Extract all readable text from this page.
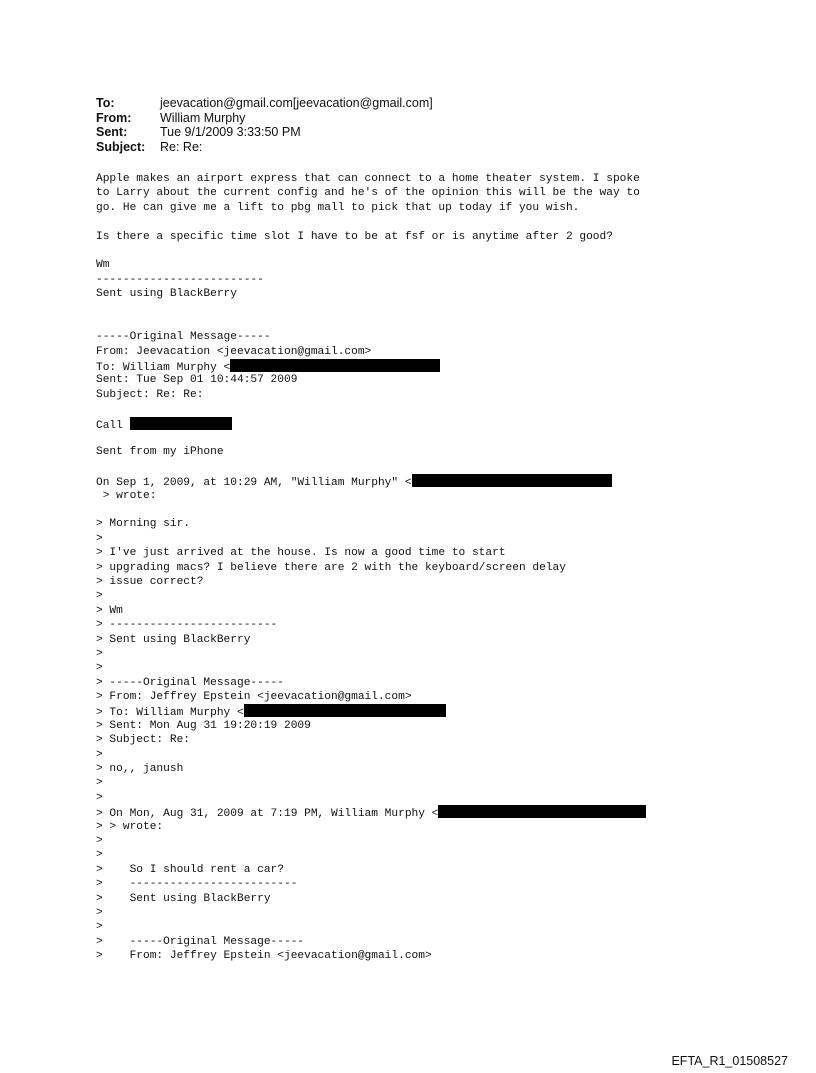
To:	jeevacation@gmail.com[jeevacation@gmail.com]
From:	William Murphy
Sent:	Tue 9/1/2009 3:33:50 PM
Subject:	Re: Re:
Apple makes an airport express that can connect to a home theater system. I spoke
to Larry about the current config and he's of the opinion this will be the way to
go. He can give me a lift to pbg mall to pick that up today if you wish.
Is there a specific time slot I have to be at fsf or is anytime after 2 good?
Wm
-------------------------
Sent using BlackBerry
-----Original Message-----
From: Jeevacation <jeevacation@gmail.com>
To: William Murphy <
Sent: Tue Sep 01 10:44:57 2009
Subject: Re: Re:
Call
Sent from my iPhone
On Sep 1, 2009, at 10:29 AM, "William Murphy" <
> wrote:
> Morning sir.
>
> I've just arrived at the house. Is now a good time to start
> upgrading macs? I believe there are 2 with the keyboard/screen delay
> issue correct?
>
> Wm
> -------------------------
> Sent using BlackBerry
>
>
> -----Original Message-----
> From: Jeffrey Epstein <jeevacation@gmail.com>
> To: William Murphy <
> Sent: Mon Aug 31 19:20:19 2009
> Subject: Re:
>
> no,, janush
>
>
> On Mon, Aug 31, 2009 at 7:19 PM, William Murphy <
> > wrote:
>
>
>    So I should rent a car?
>    -------------------------
>    Sent using BlackBerry
>
>
>    -----Original Message-----
>    From: Jeffrey Epstein <jeevacation@gmail.com>
EFTA_R1_01508527
